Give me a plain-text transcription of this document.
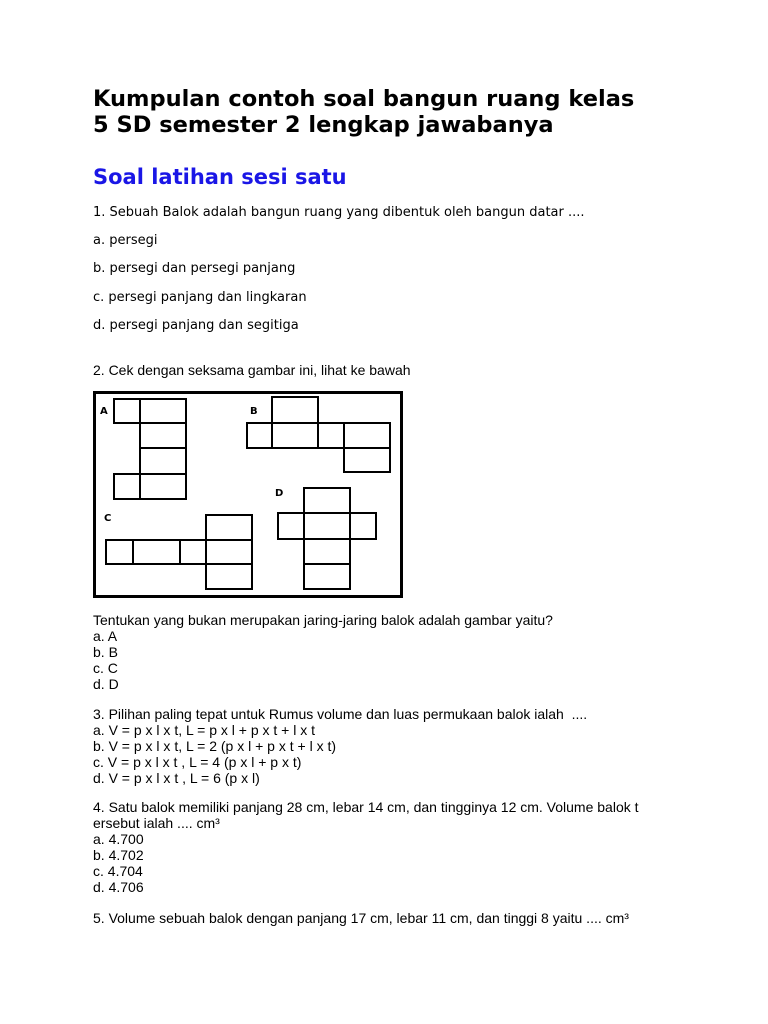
Kumpulan contoh soal bangun ruang kelas
5 SD semester 2 lengkap jawabanya
Soal latihan sesi satu
1. Sebuah Balok adalah bangun ruang yang dibentuk oleh bangun datar ....
a. persegi
b. persegi dan persegi panjang
c. persegi panjang dan lingkaran
d. persegi panjang dan segitiga
2. Cek dengan seksama gambar ini, lihat ke bawah
A	B
C
D
Tentukan yang bukan merupakan jaring-jaring balok adalah gambar yaitu?
a. A
b. B
c. C
d. D
3. Pilihan paling tepat untuk Rumus volume dan luas permukaan balok ialah  ....
a. V = p x l x t, L = p x l + p x t + l x t
b. V = p x l x t, L = 2 (p x l + p x t + l x t)
c. V = p x l x t , L = 4 (p x l + p x t)
d. V = p x l x t , L = 6 (p x l)
4. Satu balok memiliki panjang 28 cm, lebar 14 cm, dan tingginya 12 cm. Volume balok t
ersebut ialah .... cm³
a. 4.700
b. 4.702
c. 4.704
d. 4.706
5. Volume sebuah balok dengan panjang 17 cm, lebar 11 cm, dan tinggi 8 yaitu .... cm³
